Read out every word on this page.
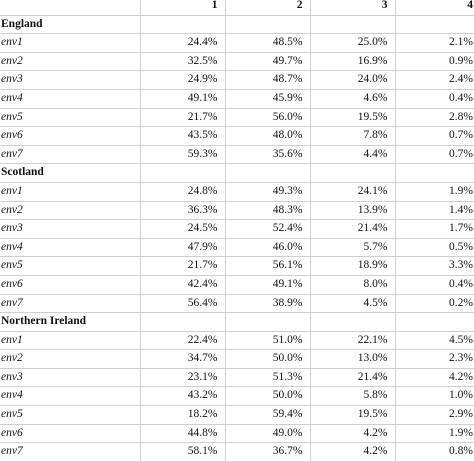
	1	2	3	4
England				
env1	24.4%	48.5%	25.0%	2.1%
env2	32.5%	49.7%	16.9%	0.9%
env3	24.9%	48.7%	24.0%	2.4%
env4	49.1%	45.9%	4.6%	0.4%
env5	21.7%	56.0%	19.5%	2.8%
env6	43.5%	48.0%	7.8%	0.7%
env7	59.3%	35.6%	4.4%	0.7%
Scotland				
env1	24.8%	49.3%	24.1%	1.9%
env2	36.3%	48.3%	13.9%	1.4%
env3	24.5%	52.4%	21.4%	1.7%
env4	47.9%	46.0%	5.7%	0.5%
env5	21.7%	56.1%	18.9%	3.3%
env6	42.4%	49.1%	8.0%	0.4%
env7	56.4%	38.9%	4.5%	0.2%
Northern Ireland				
env1	22.4%	51.0%	22.1%	4.5%
env2	34.7%	50.0%	13.0%	2.3%
env3	23.1%	51.3%	21.4%	4.2%
env4	43.2%	50.0%	5.8%	1.0%
env5	18.2%	59.4%	19.5%	2.9%
env6	44.8%	49.0%	4.2%	1.9%
env7	58.1%	36.7%	4.2%	0.8%
